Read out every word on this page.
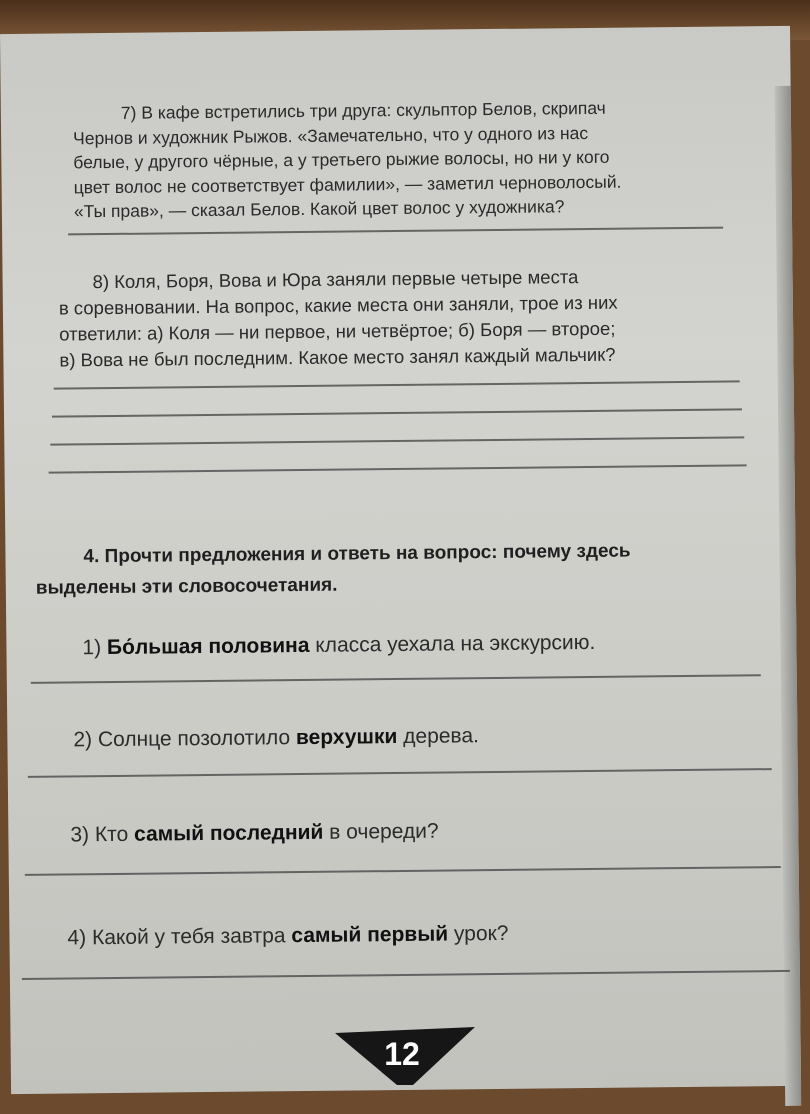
7) В кафе встретились три друга: скульптор Белов, скрипач
Чернов и художник Рыжов. «Замечательно, что у одного из нас
белые, у другого чёрные, а у третьего рыжие волосы, но ни у кого
цвет волос не соответствует фамилии», — заметил черноволосый.
«Ты прав», — сказал Белов. Какой цвет волос у художника?
8) Коля, Боря, Вова и Юра заняли первые четыре места
в соревновании. На вопрос, какие места они заняли, трое из них
ответили: а) Коля — ни первое, ни четвёртое; б) Боря — второе;
в) Вова не был последним. Какое место занял каждый мальчик?
4. Прочти предложения и ответь на вопрос: почему здесь
выделены эти словосочетания.
1) Бо́льшая половина класса уехала на экскурсию.
2) Солнце позолотило верхушки дерева.
3) Кто самый последний в очереди?
4) Какой у тебя завтра самый первый урок?
12
